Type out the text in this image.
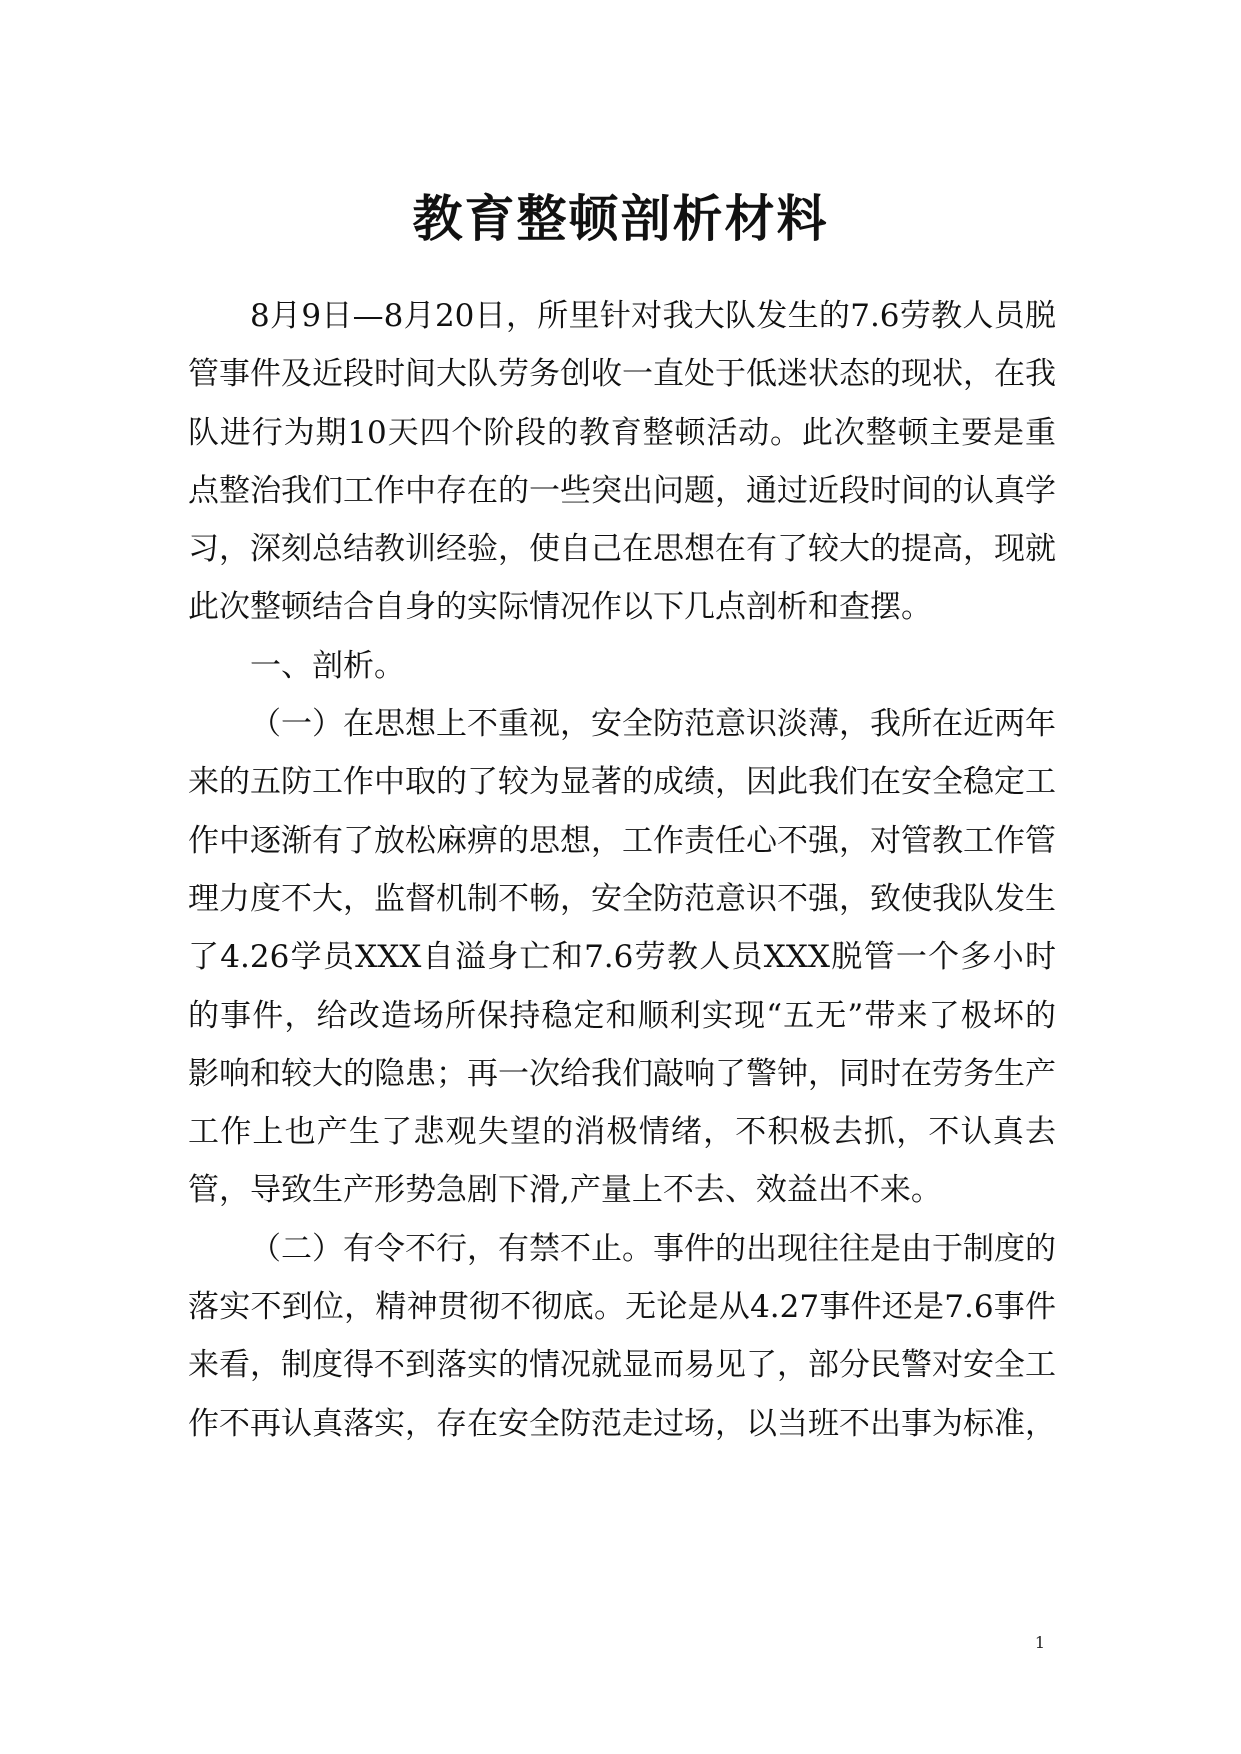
教育整顿剖析材料

8月9日—8月20日，所里针对我大队发生的7.6劳教人员脱管事件及近段时间大队劳务创收一直处于低迷状态的现状，在我队进行为期10天四个阶段的教育整顿活动。此次整顿主要是重点整治我们工作中存在的一些突出问题，通过近段时间的认真学习，深刻总结教训经验，使自己在思想在有了较大的提高，现就此次整顿结合自身的实际情况作以下几点剖析和查摆。

一、剖析。

（一）在思想上不重视，安全防范意识淡薄，我所在近两年来的五防工作中取的了较为显著的成绩，因此我们在安全稳定工作中逐渐有了放松麻痹的思想，工作责任心不强，对管教工作管理力度不大，监督机制不畅，安全防范意识不强，致使我队发生了4.26学员XXX自溢身亡和7.6劳教人员XXX脱管一个多小时的事件，给改造场所保持稳定和顺利实现“五无”带来了极坏的影响和较大的隐患；再一次给我们敲响了警钟，同时在劳务生产工作上也产生了悲观失望的消极情绪，不积极去抓，不认真去管，导致生产形势急剧下滑,产量上不去、效益出不来。

（二）有令不行，有禁不止。事件的出现往往是由于制度的落实不到位，精神贯彻不彻底。无论是从4.27事件还是7.6事件来看，制度得不到落实的情况就显而易见了，部分民警对安全工作不再认真落实，存在安全防范走过场，以当班不出事为标准，

1
